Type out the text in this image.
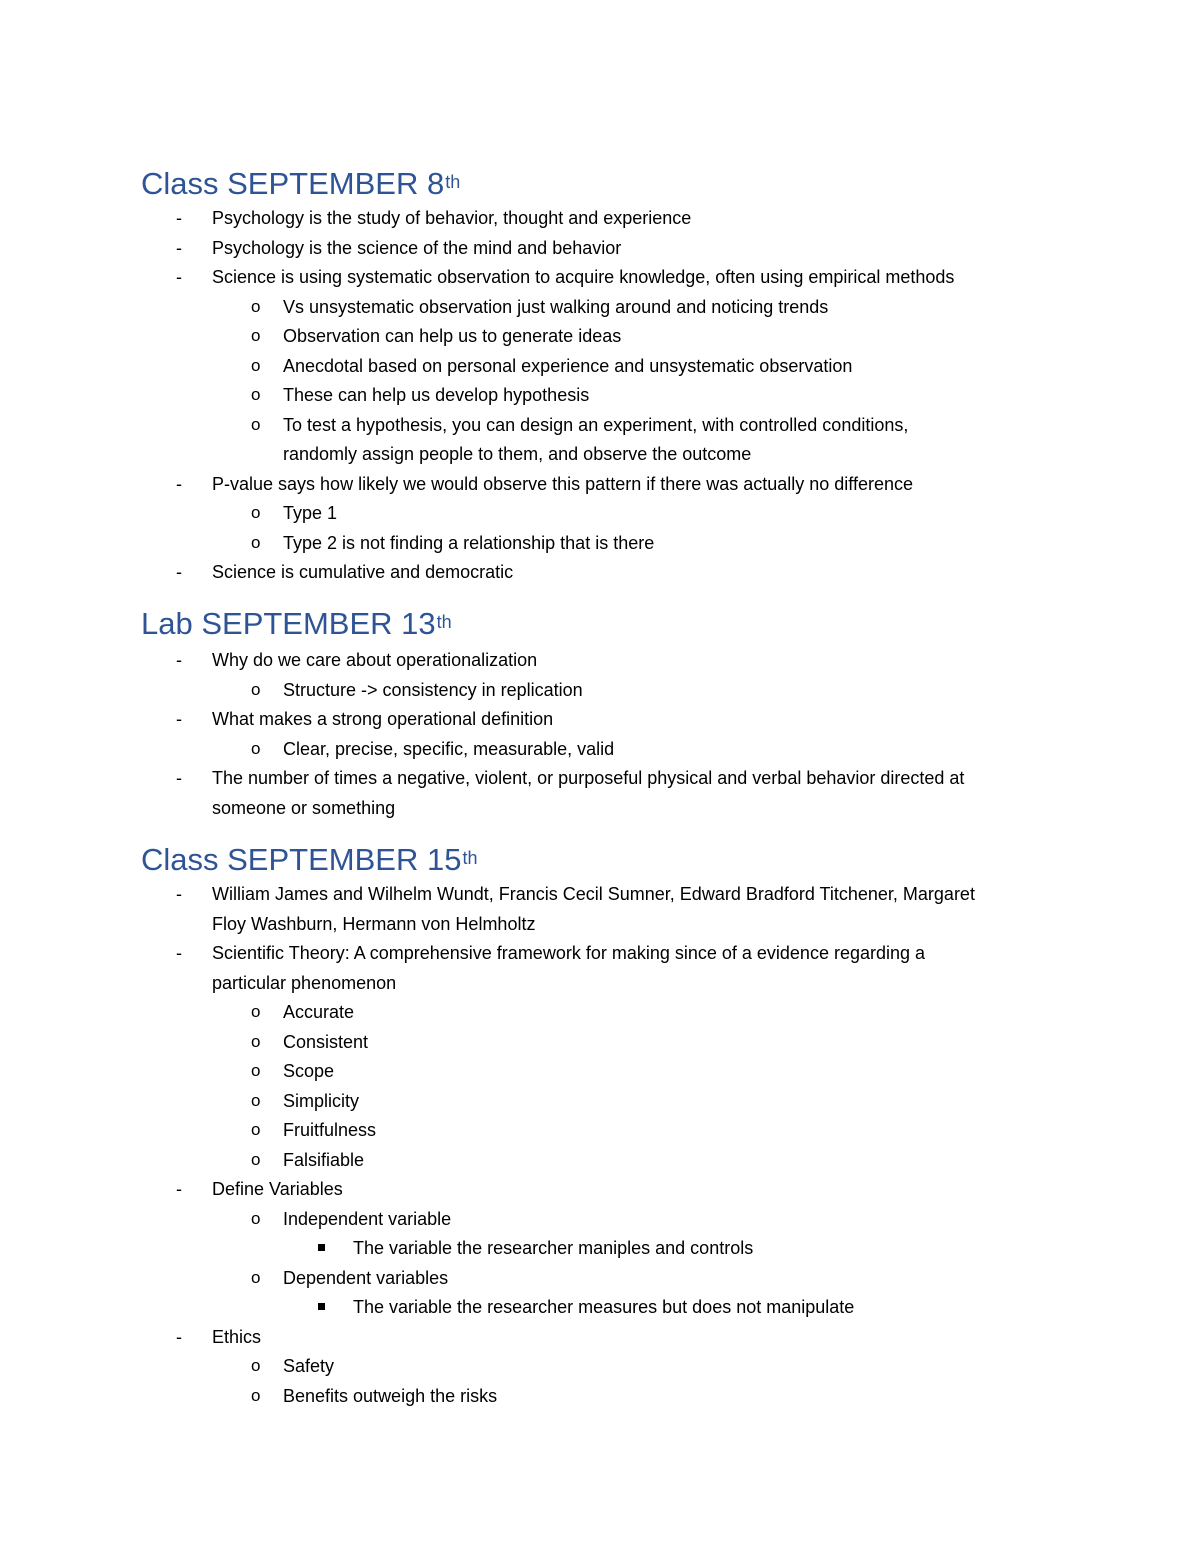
Class SEPTEMBER 8th
- Psychology is the study of behavior, thought and experience
- Psychology is the science of the mind and behavior
- Science is using systematic observation to acquire knowledge, often using empirical methods
o Vs unsystematic observation just walking around and noticing trends
o Observation can help us to generate ideas
o Anecdotal based on personal experience and unsystematic observation
o These can help us develop hypothesis
o To test a hypothesis, you can design an experiment, with controlled conditions,
randomly assign people to them, and observe the outcome
- P-value says how likely we would observe this pattern if there was actually no difference
o Type 1
o Type 2 is not finding a relationship that is there
- Science is cumulative and democratic
Lab SEPTEMBER 13th
- Why do we care about operationalization
o Structure -> consistency in replication
- What makes a strong operational definition
o Clear, precise, specific, measurable, valid
- The number of times a negative, violent, or purposeful physical and verbal behavior directed at
someone or something
Class SEPTEMBER 15th
- William James and Wilhelm Wundt, Francis Cecil Sumner, Edward Bradford Titchener, Margaret
Floy Washburn, Hermann von Helmholtz
- Scientific Theory: A comprehensive framework for making since of a evidence regarding a
particular phenomenon
o Accurate
o Consistent
o Scope
o Simplicity
o Fruitfulness
o Falsifiable
- Define Variables
o Independent variable
The variable the researcher maniples and controls
o Dependent variables
The variable the researcher measures but does not manipulate
- Ethics
o Safety
o Benefits outweigh the risks
